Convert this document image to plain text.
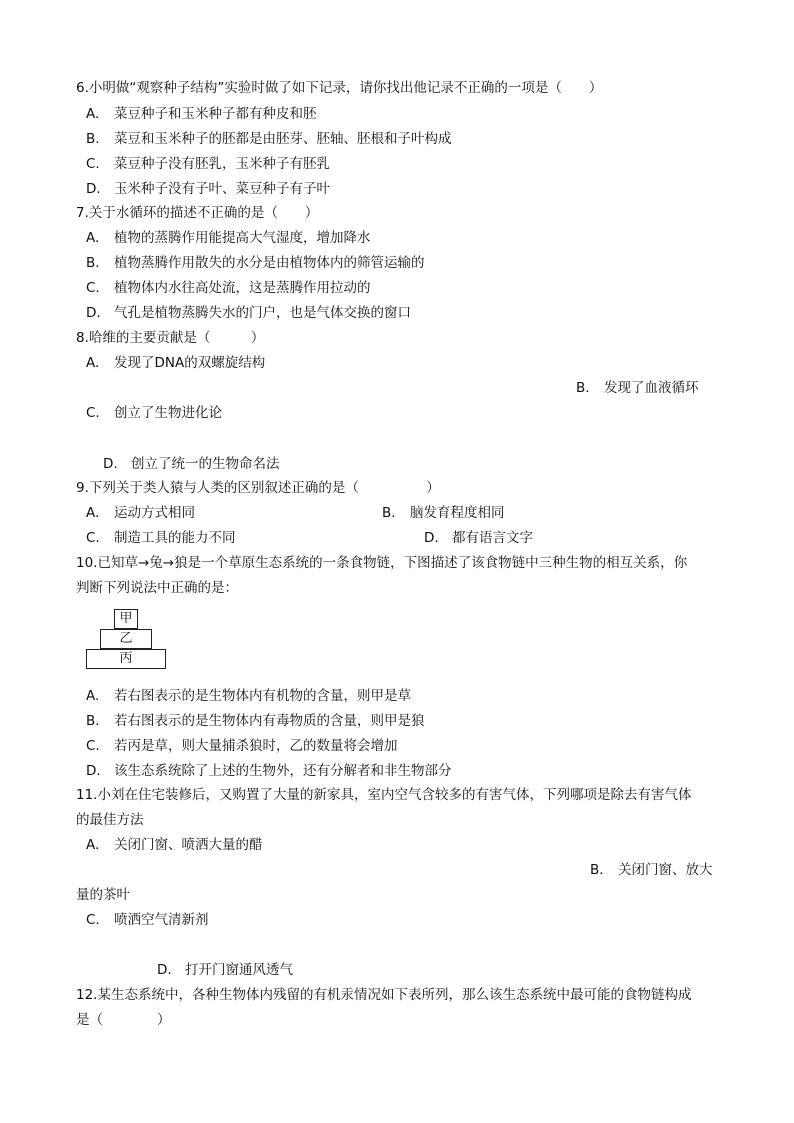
6.小明做“观察种子结构”实验时做了如下记录，请你找出他记录不正确的一项是（　　）
A. 菜豆种子和玉米种子都有种皮和胚
B. 菜豆和玉米种子的胚都是由胚芽、胚轴、胚根和子叶构成
C. 菜豆种子没有胚乳，玉米种子有胚乳
D. 玉米种子没有子叶、菜豆种子有子叶
7.关于水循环的描述不正确的是（　　）
A. 植物的蒸腾作用能提高大气湿度，增加降水
B. 植物蒸腾作用散失的水分是由植物体内的筛管运输的
C. 植物体内水往高处流，这是蒸腾作用拉动的
D. 气孔是植物蒸腾失水的门户，也是气体交换的窗口
8.哈维的主要贡献是（　　　）
A. 发现了DNA的双螺旋结构
B. 发现了血液循环
C. 创立了生物进化论
D. 创立了统一的生物命名法
9.下列关于类人猿与人类的区别叙述正确的是（　　　　　）
A. 运动方式相同	B. 脑发育程度相同
C. 制造工具的能力不同	D. 都有语言文字
10.已知草→兔→狼是一个草原生态系统的一条食物链，下图描述了该食物链中三种生物的相互关系，你
判断下列说法中正确的是：
甲
乙
丙
A. 若右图表示的是生物体内有机物的含量，则甲是草
B. 若右图表示的是生物体内有毒物质的含量，则甲是狼
C. 若丙是草，则大量捕杀狼时，乙的数量将会增加
D. 该生态系统除了上述的生物外，还有分解者和非生物部分
11.小刘在住宅装修后，又购置了大量的新家具，室内空气含较多的有害气体，下列哪项是除去有害气体
的最佳方法
A. 关闭门窗、喷洒大量的醋
B. 关闭门窗、放大
量的茶叶
C. 喷洒空气清新剂
D. 打开门窗通风透气
12.某生态系统中，各种生物体内残留的有机汞情况如下表所列，那么该生态系统中最可能的食物链构成
是（　　　　）
